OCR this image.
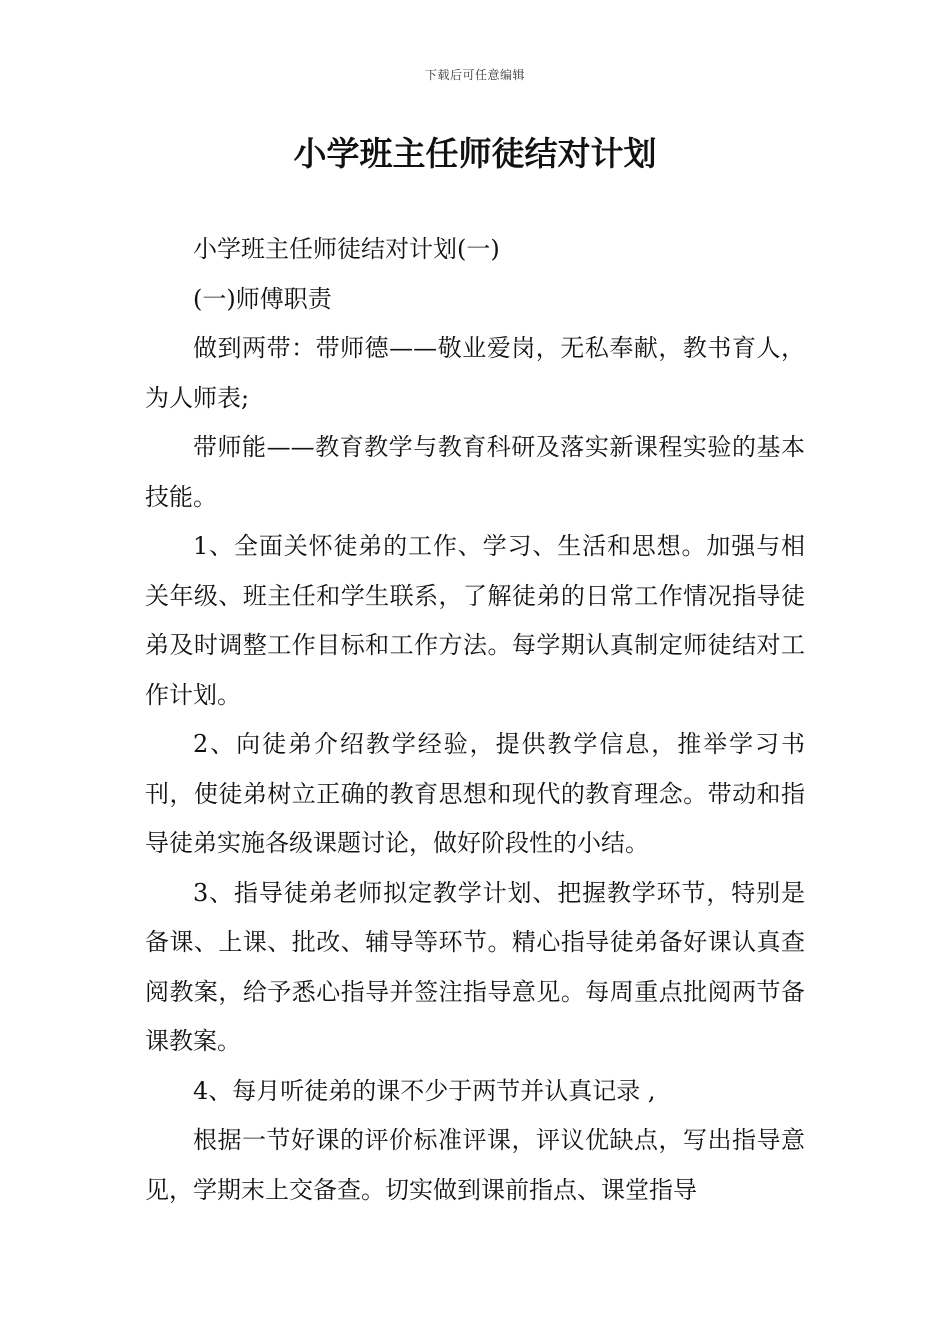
下载后可任意编辑
小学班主任师徒结对计划

小学班主任师徒结对计划(一)

(一)师傅职责

做到两带：带师德——敬业爱岗，无私奉献，教书育人，为人师表;

带师能——教育教学与教育科研及落实新课程实验的基本技能。

1、全面关怀徒弟的工作、学习、生活和思想。加强与相关年级、班主任和学生联系，了解徒弟的日常工作情况指导徒弟及时调整工作目标和工作方法。每学期认真制定师徒结对工作计划。

2、向徒弟介绍教学经验，提供教学信息，推举学习书刊，使徒弟树立正确的教育思想和现代的教育理念。带动和指导徒弟实施各级课题讨论，做好阶段性的小结。

3、指导徒弟老师拟定教学计划、把握教学环节，特别是备课、上课、批改、辅导等环节。精心指导徒弟备好课认真查阅教案，给予悉心指导并签注指导意见。每周重点批阅两节备课教案。

4、每月听徒弟的课不少于两节并认真记录 ,

根据一节好课的评价标准评课，评议优缺点，写出指导意见，学期末上交备查。切实做到课前指点、课堂指导
